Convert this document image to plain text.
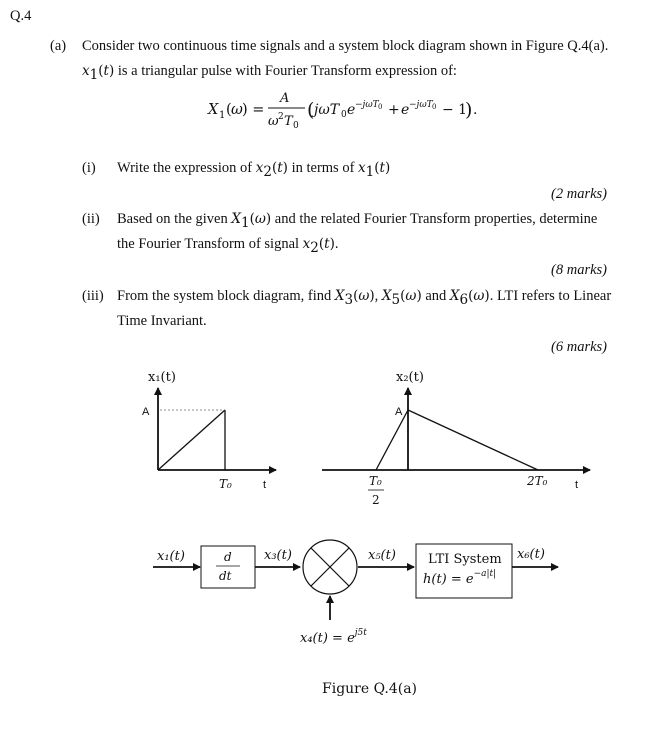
Q.4
(a) Consider two continuous time signals and a system block diagram shown in Figure Q.4(a).
$x_1(t)$ is a triangular pulse with Fourier Transform expression of:
X 1 ( ω ) =
A
ω 2 T 0
( jωT 0 e −jωT 0 + e −jωT 0 − 1
) .
(i) Write the expression of $x_2(t)$ in terms of $x_1(t)$
(2 marks)
(ii) Based on the given $X_1(\omega)$ and the related Fourier Transform properties, determine
the Fourier Transform of signal $x_2(t)$.
(8 marks)
(iii) From the system block diagram, find $X_3(\omega)$, $X_5(\omega)$ and $X_6(\omega)$. LTI refers to Linear
Time Invariant.
(6 marks)
x₁(t)
A
T₀	t
x₂(t)
A
T₀
2
2T₀	t
x₁(t)	d
dt
x₃(t)
$x_4(t) = e^{j5t}$
x₅(t) LTI System
$h(t) = e^{-a|t|}$
x₆(t)
Figure Q.4(a)
